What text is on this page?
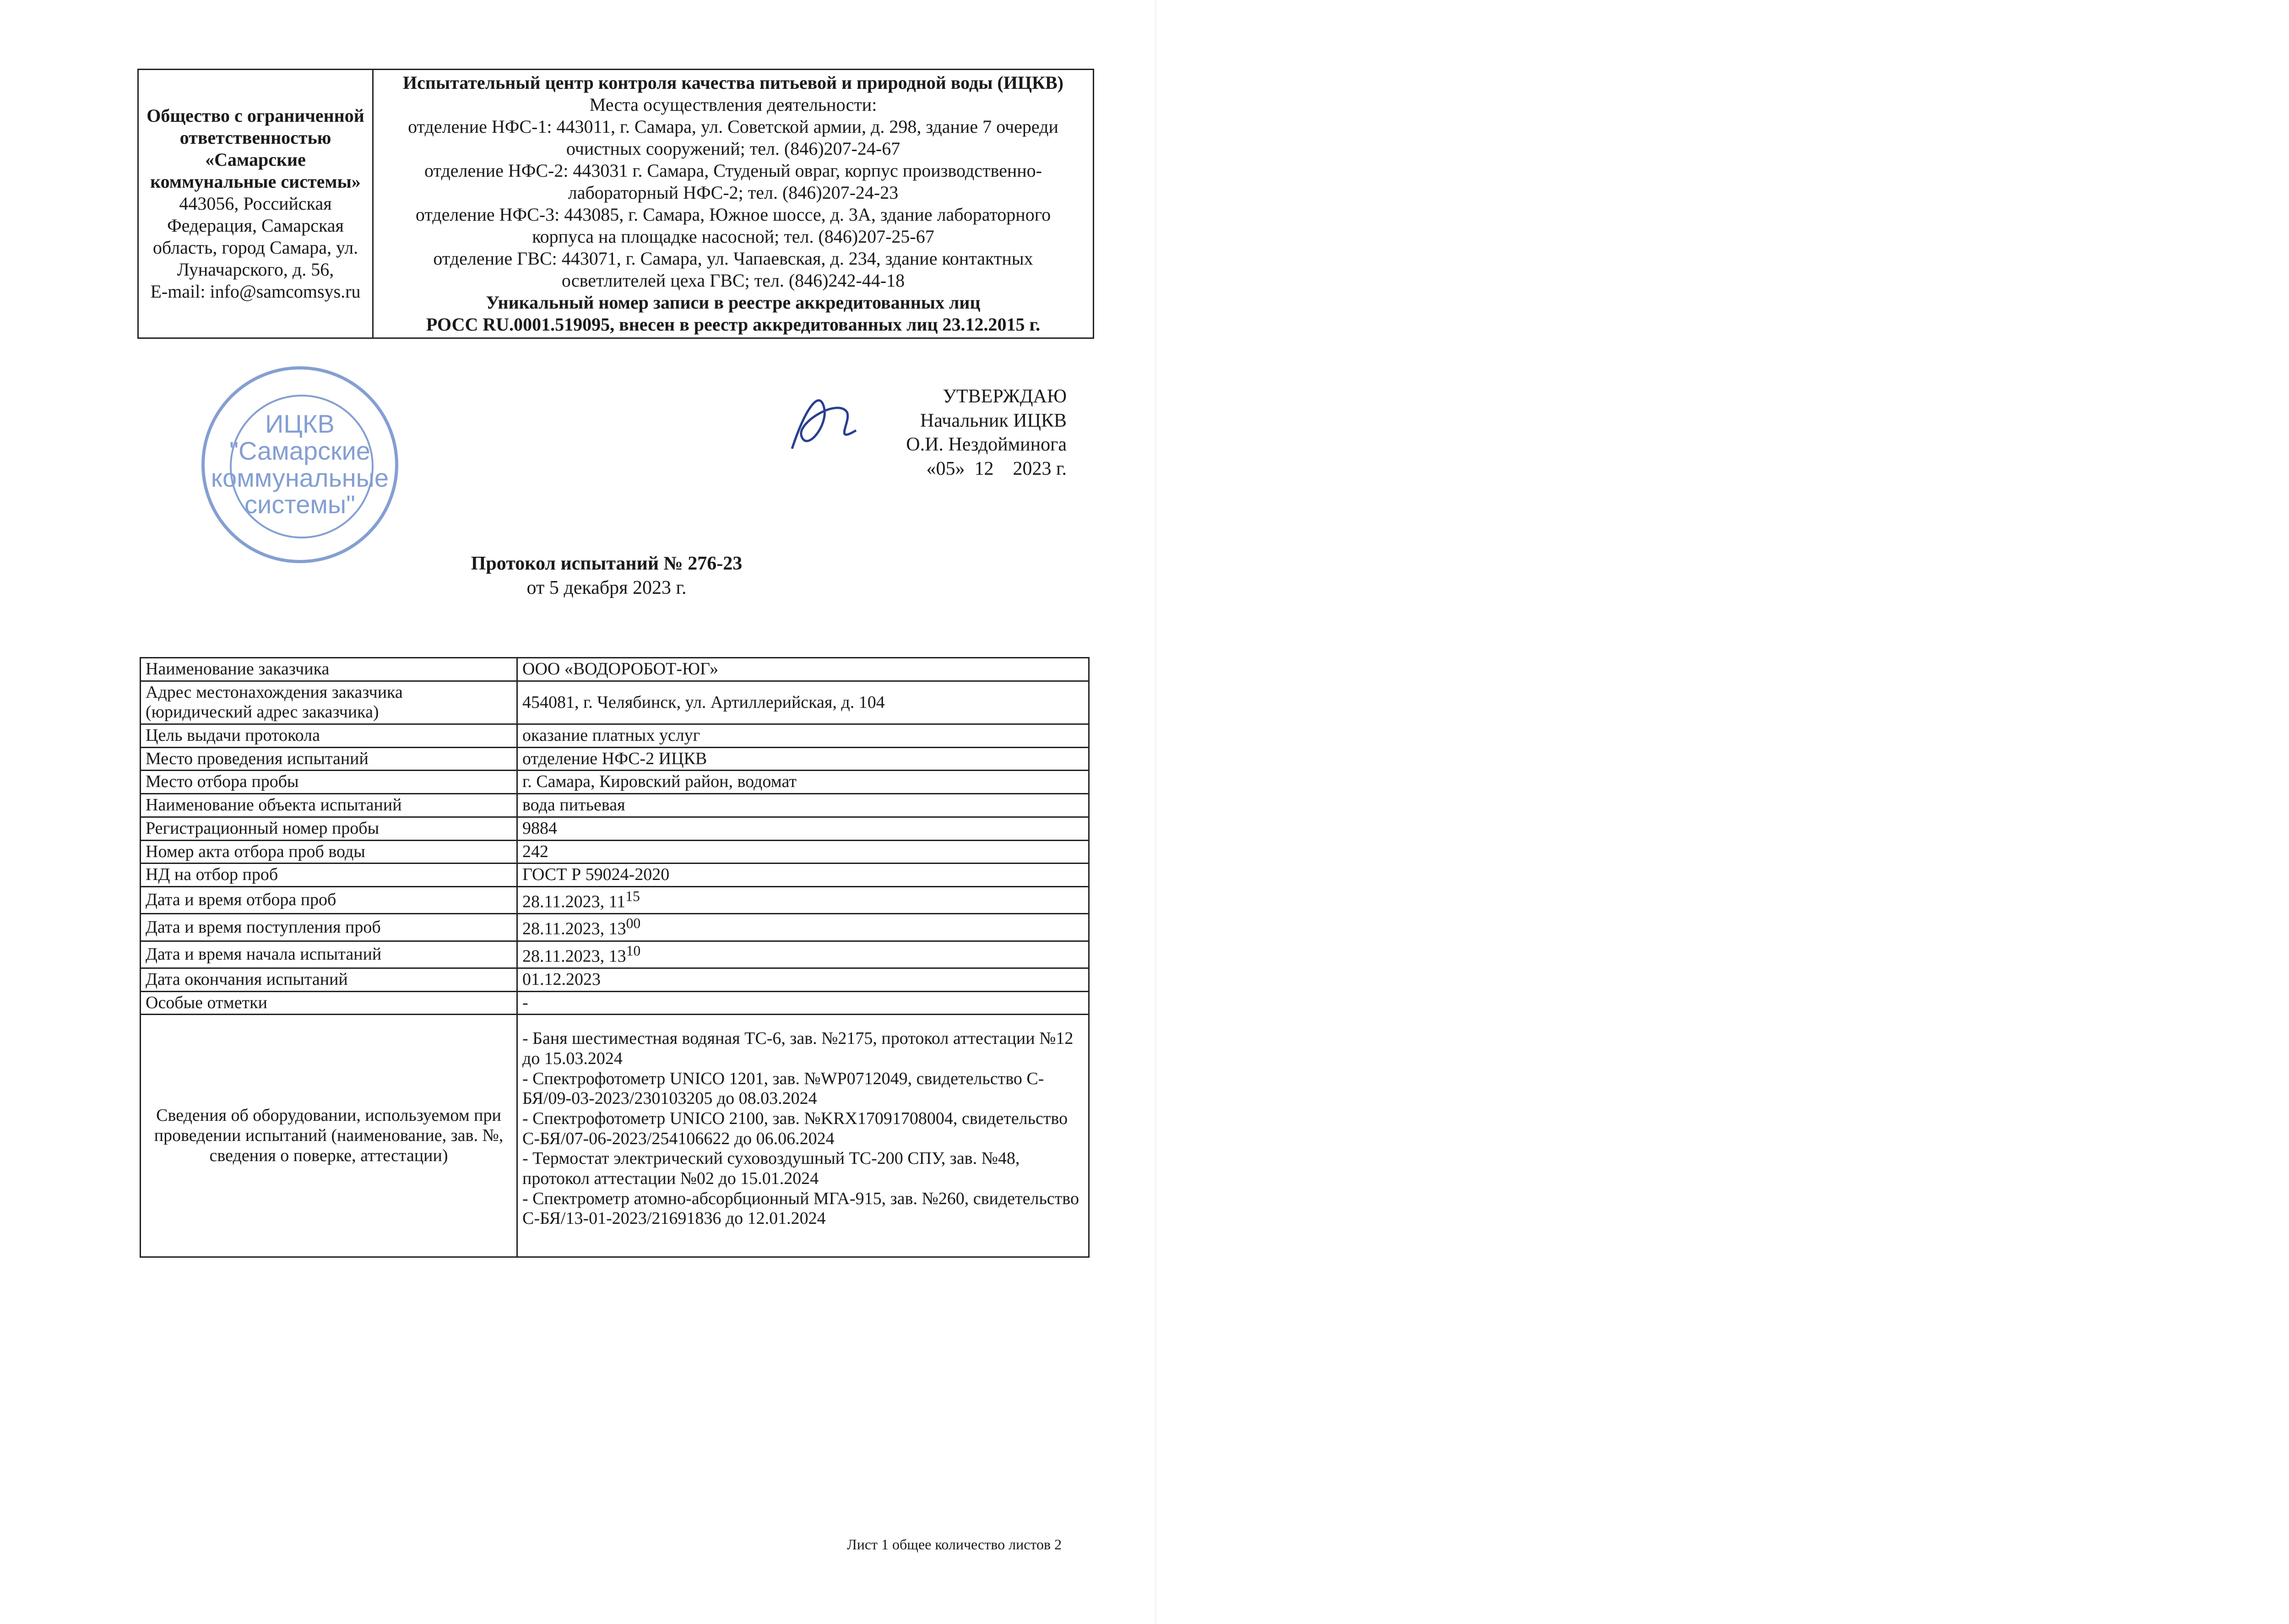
Общество с ограниченной
ответственностью
«Самарские
коммунальные системы»
443056, Российская
Федерация, Самарская
область, город Самара, ул.
Луначарского, д. 56,
E-mail: info@samcomsys.ru	Испытательный центр контроля качества питьевой и природной воды (ИЦКВ)
Места осуществления деятельности:
отделение НФС-1: 443011, г. Самара, ул. Советской армии, д. 298, здание 7 очереди
очистных сооружений; тел. (846)207-24-67
отделение НФС-2: 443031 г. Самара, Студеный овраг, корпус производственно-
лабораторный НФС-2; тел. (846)207-24-23
отделение НФС-3: 443085, г. Самара, Южное шоссе, д. 3А, здание лабораторного
корпуса на площадке насосной; тел. (846)207-25-67
отделение ГВС: 443071, г. Самара, ул. Чапаевская, д. 234, здание контактных
осветлителей цеха ГВС; тел. (846)242-44-18
Уникальный номер записи в реестре аккредитованных лиц
РОСС RU.0001.519095, внесен в реестр аккредитованных лиц 23.12.2015 г.
ИЦКВ
"Самарские
коммунальные
системы"
УТВЕРЖДАЮ
Начальник ИЦКВ
О.И. Нездойминога
«05»  12    2023 г.
Протокол испытаний № 276-23
от 5 декабря 2023 г.
Наименование заказчика	ООО «ВОДОРОБОТ-ЮГ»
Адрес местонахождения заказчика (юридический адрес заказчика)	454081, г. Челябинск, ул. Артиллерийская, д. 104
Цель выдачи протокола	оказание платных услуг
Место проведения испытаний	отделение НФС-2 ИЦКВ
Место отбора пробы	г. Самара, Кировский район, водомат
Наименование объекта испытаний	вода питьевая
Регистрационный номер пробы	9884
Номер акта отбора проб воды	242
НД на отбор проб	ГОСТ Р 59024-2020
Дата и время отбора проб	28.11.2023, $11^{15}$
Дата и время поступления проб	28.11.2023, $13^{00}$
Дата и время начала испытаний	28.11.2023, $13^{10}$
Дата окончания испытаний	01.12.2023
Особые отметки	-
Сведения об оборудовании, используемом при проведении испытаний (наименование, зав. №, сведения о поверке, аттестации)	- Баня шестиместная водяная ТС-6, зав. №2175, протокол аттестации №12 до 15.03.2024
- Спектрофотометр UNICO 1201, зав. №WP0712049, свидетельство С-БЯ/09-03-2023/230103205 до 08.03.2024
- Спектрофотометр UNICO 2100, зав. №KRX17091708004, свидетельство С-БЯ/07-06-2023/254106622 до 06.06.2024
- Термостат электрический суховоздушный ТС-200 СПУ, зав. №48, протокол аттестации №02 до 15.01.2024
- Спектрометр атомно-абсорбционный МГА-915, зав. №260, свидетельство С-БЯ/13-01-2023/21691836 до 12.01.2024
Лист 1 общее количество листов 2
